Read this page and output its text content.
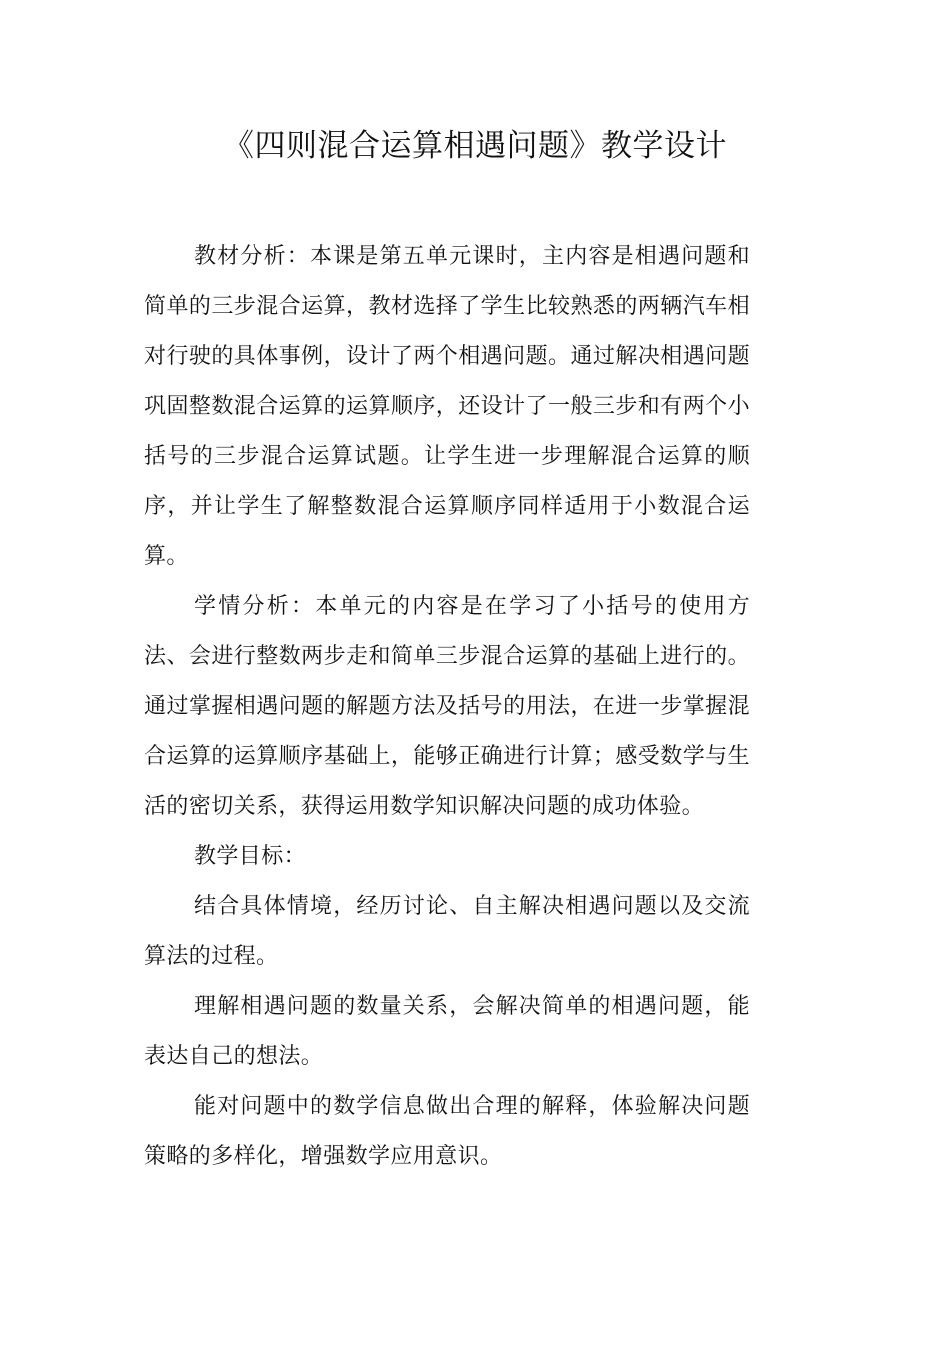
《四则混合运算相遇问题》教学设计

教材分析：本课是第五单元课时，主内容是相遇问题和简单的三步混合运算，教材选择了学生比较熟悉的两辆汽车相对行驶的具体事例，设计了两个相遇问题。通过解决相遇问题巩固整数混合运算的运算顺序，还设计了一般三步和有两个小括号的三步混合运算试题。让学生进一步理解混合运算的顺序，并让学生了解整数混合运算顺序同样适用于小数混合运算。

学情分析：本单元的内容是在学习了小括号的使用方法、会进行整数两步走和简单三步混合运算的基础上进行的。通过掌握相遇问题的解题方法及括号的用法，在进一步掌握混合运算的运算顺序基础上，能够正确进行计算；感受数学与生活的密切关系，获得运用数学知识解决问题的成功体验。

教学目标：

结合具体情境，经历讨论、自主解决相遇问题以及交流算法的过程。

理解相遇问题的数量关系，会解决简单的相遇问题，能表达自己的想法。

能对问题中的数学信息做出合理的解释，体验解决问题策略的多样化，增强数学应用意识。
